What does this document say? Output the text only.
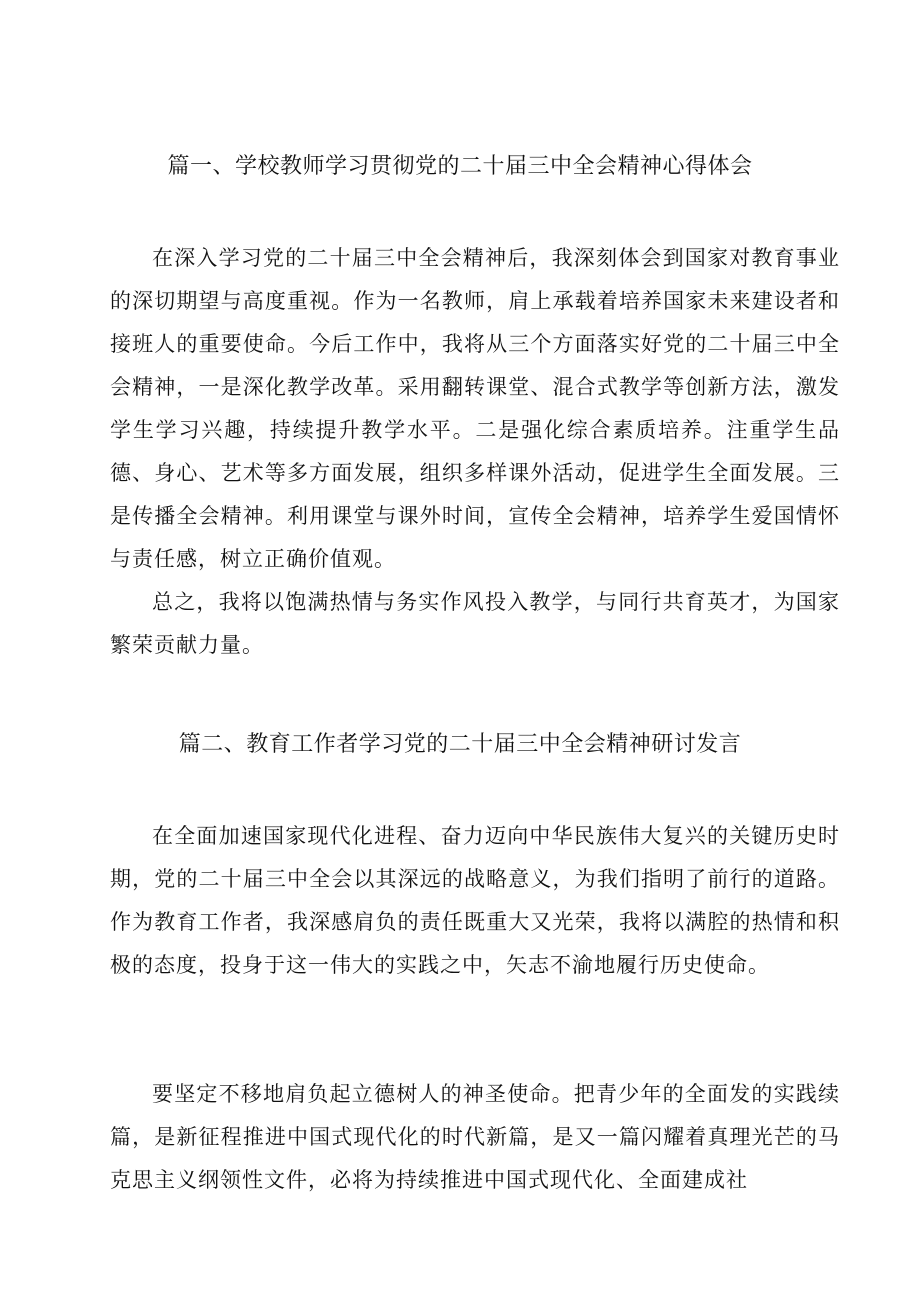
篇一、学校教师学习贯彻党的二十届三中全会精神心得体会

在深入学习党的二十届三中全会精神后，我深刻体会到国家对教育事业的深切期望与高度重视。作为一名教师，肩上承载着培养国家未来建设者和接班人的重要使命。今后工作中，我将从三个方面落实好党的二十届三中全会精神，一是深化教学改革。采用翻转课堂、混合式教学等创新方法，激发学生学习兴趣，持续提升教学水平。二是强化综合素质培养。注重学生品德、身心、艺术等多方面发展，组织多样课外活动，促进学生全面发展。三是传播全会精神。利用课堂与课外时间，宣传全会精神，培养学生爱国情怀与责任感，树立正确价值观。

总之，我将以饱满热情与务实作风投入教学，与同行共育英才，为国家繁荣贡献力量。

篇二、教育工作者学习党的二十届三中全会精神研讨发言

在全面加速国家现代化进程、奋力迈向中华民族伟大复兴的关键历史时期，党的二十届三中全会以其深远的战略意义，为我们指明了前行的道路。作为教育工作者，我深感肩负的责任既重大又光荣，我将以满腔的热情和积极的态度，投身于这一伟大的实践之中，矢志不渝地履行历史使命。

要坚定不移地肩负起立德树人的神圣使命。把青少年的全面发的实践续篇，是新征程推进中国式现代化的时代新篇，是又一篇闪耀着真理光芒的马克思主义纲领性文件，必将为持续推进中国式现代化、全面建成社
